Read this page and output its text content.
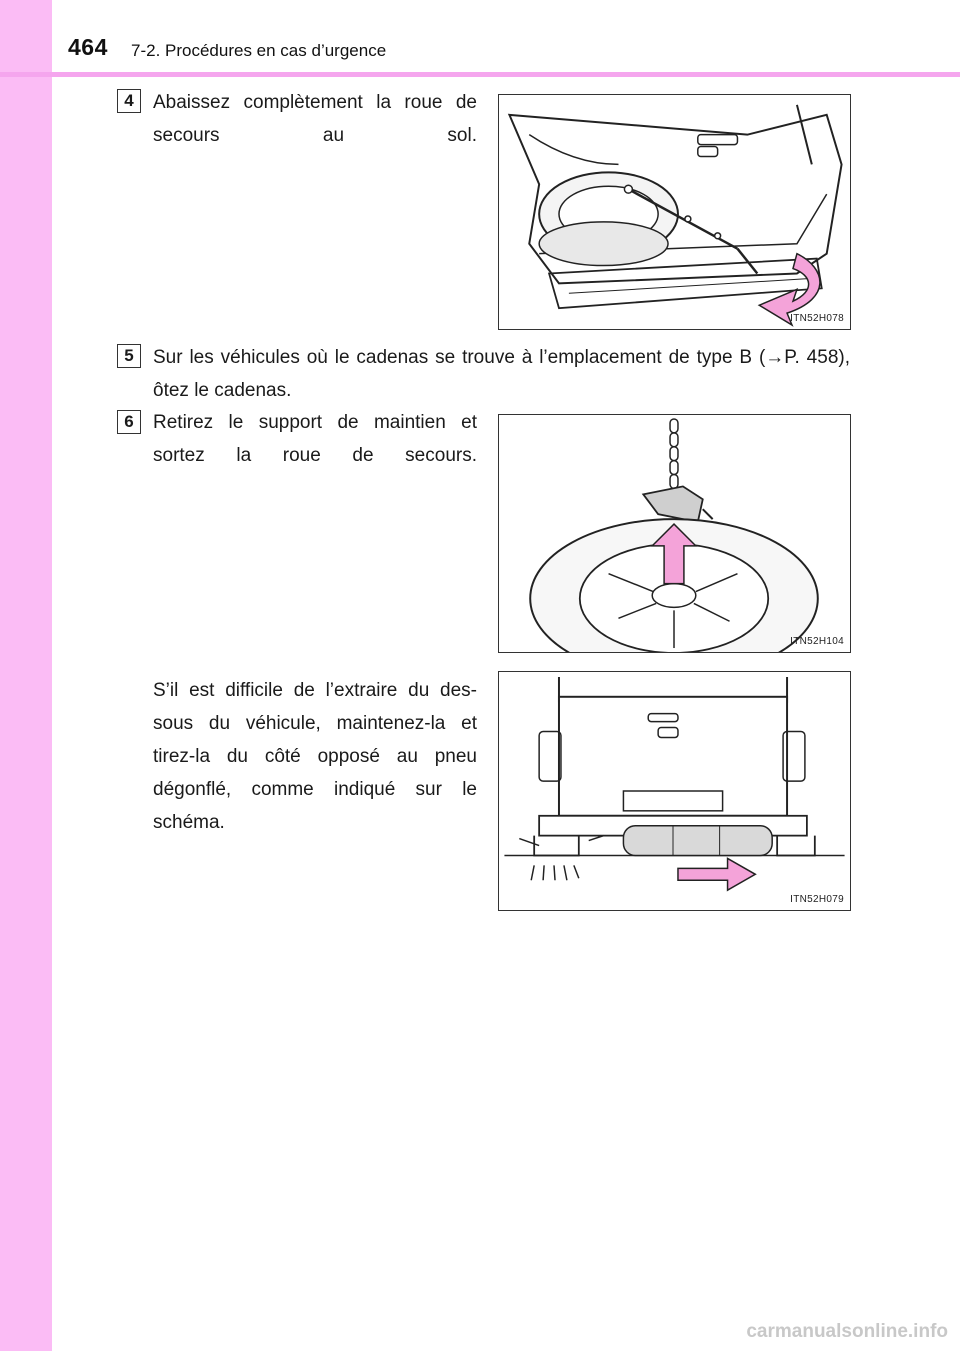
464 7-2. Procédures en cas d’urgence
4	Abaissez complètement la roue de secours au sol.
ITN52H078
5	Sur les véhicules où le cadenas se trouve à l’emplacement de type B (→P. 458), ôtez le cadenas.
6	Retirez le support de maintien et sortez la roue de secours.
ITN52H104
S’il est difficile de l’extraire du des-sous du véhicule, maintenez-la et tirez-la du côté opposé au pneu dégonflé, comme indiqué sur le schéma.
ITN52H079
carmanualsonline.info
